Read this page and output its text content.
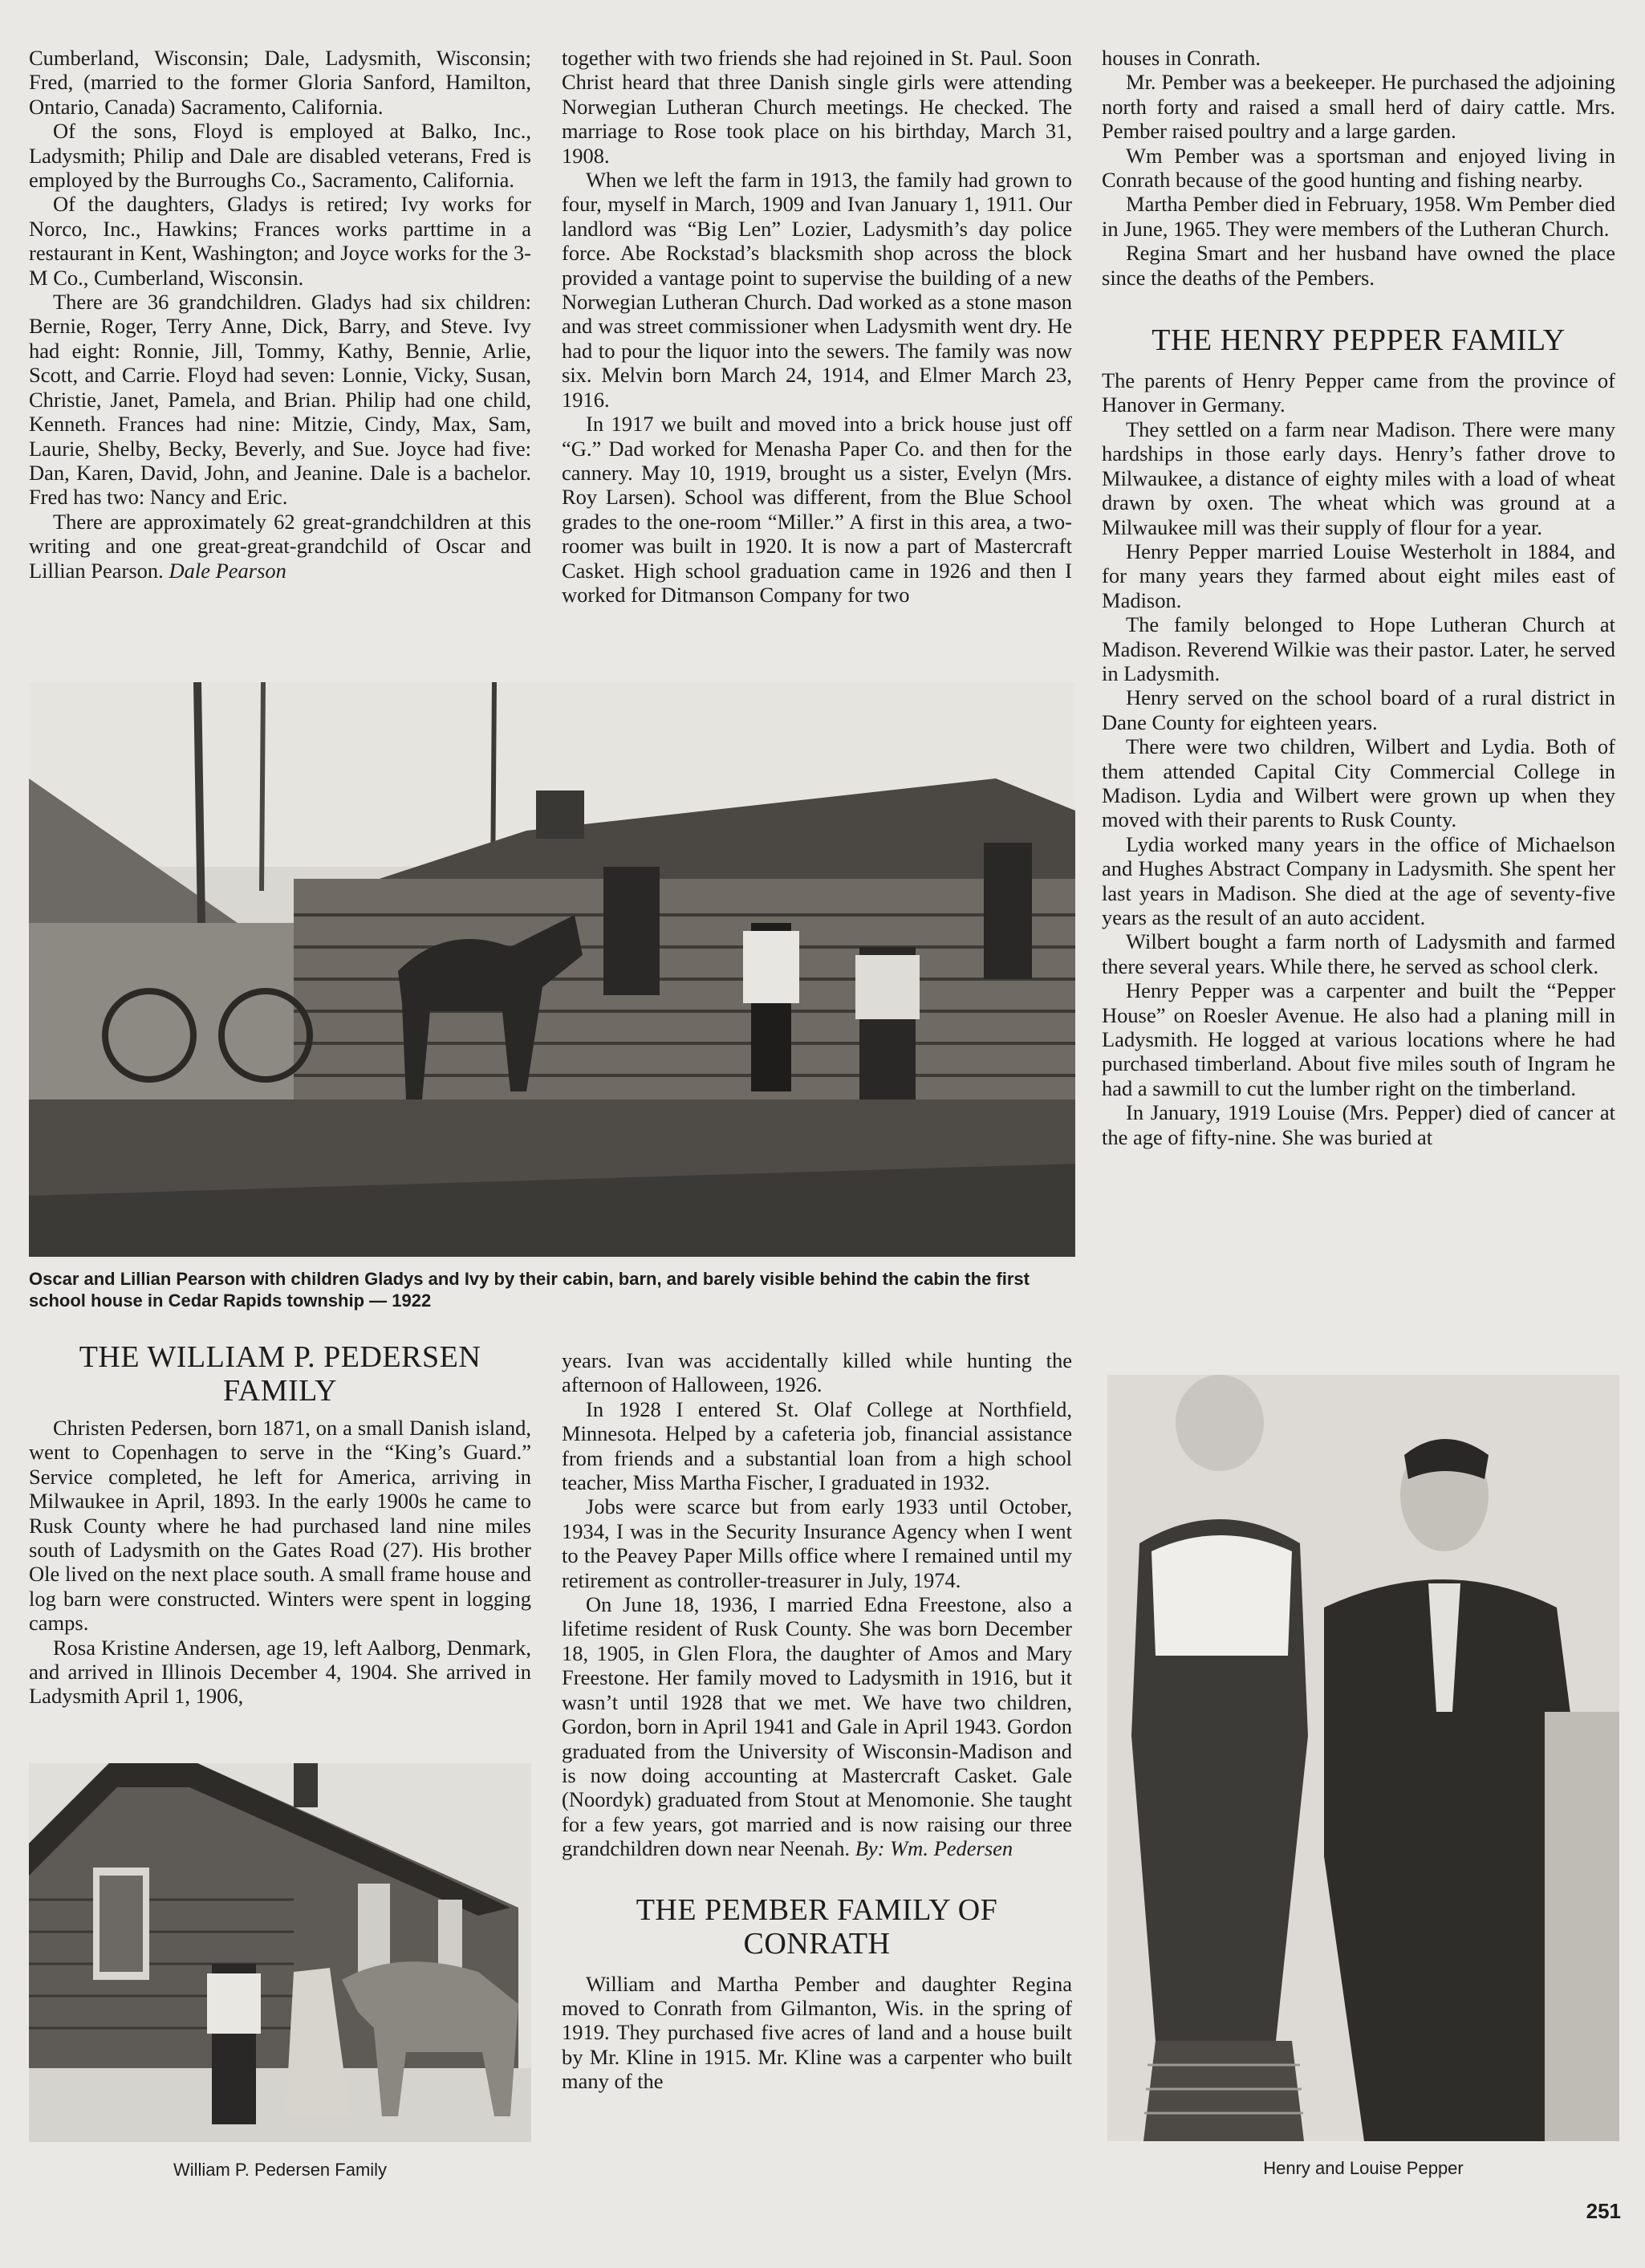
Cumberland, Wisconsin; Dale, Ladysmith, Wisconsin; Fred, (married to the former Gloria Sanford, Hamilton, Ontario, Canada) Sacramento, California.

Of the sons, Floyd is employed at Balko, Inc., Ladysmith; Philip and Dale are disabled veterans, Fred is employed by the Burroughs Co., Sacramento, California.

Of the daughters, Gladys is retired; Ivy works for Norco, Inc., Hawkins; Frances works parttime in a restaurant in Kent, Washington; and Joyce works for the 3-M Co., Cumberland, Wisconsin.

There are 36 grandchildren. Gladys had six children: Bernie, Roger, Terry Anne, Dick, Barry, and Steve. Ivy had eight: Ronnie, Jill, Tommy, Kathy, Bennie, Arlie, Scott, and Carrie. Floyd had seven: Lonnie, Vicky, Susan, Christie, Janet, Pamela, and Brian. Philip had one child, Kenneth. Frances had nine: Mitzie, Cindy, Max, Sam, Laurie, Shelby, Becky, Beverly, and Sue. Joyce had five: Dan, Karen, David, John, and Jeanine. Dale is a bachelor. Fred has two: Nancy and Eric.

There are approximately 62 great-grandchildren at this writing and one great-great-grandchild of Oscar and Lillian Pearson. Dale Pearson

together with two friends she had rejoined in St. Paul. Soon Christ heard that three Danish single girls were attending Norwegian Lutheran Church meetings. He checked. The marriage to Rose took place on his birthday, March 31, 1908.

When we left the farm in 1913, the family had grown to four, myself in March, 1909 and Ivan January 1, 1911. Our landlord was “Big Len” Lozier, Ladysmith’s day police force. Abe Rockstad’s blacksmith shop across the block provided a vantage point to supervise the building of a new Norwegian Lutheran Church. Dad worked as a stone mason and was street commissioner when Ladysmith went dry. He had to pour the liquor into the sewers. The family was now six. Melvin born March 24, 1914, and Elmer March 23, 1916.

In 1917 we built and moved into a brick house just off “G.” Dad worked for Menasha Paper Co. and then for the cannery. May 10, 1919, brought us a sister, Evelyn (Mrs. Roy Larsen). School was different, from the Blue School grades to the one-room “Miller.” A first in this area, a two-roomer was built in 1920. It is now a part of Mastercraft Casket. High school graduation came in 1926 and then I worked for Ditmanson Company for two

houses in Conrath.

Mr. Pember was a beekeeper. He purchased the adjoining north forty and raised a small herd of dairy cattle. Mrs. Pember raised poultry and a large garden.

Wm Pember was a sportsman and enjoyed living in Conrath because of the good hunting and fishing nearby.

Martha Pember died in February, 1958. Wm Pember died in June, 1965. They were members of the Lutheran Church.

Regina Smart and her husband have owned the place since the deaths of the Pembers.

THE HENRY PEPPER FAMILY

The parents of Henry Pepper came from the province of Hanover in Germany.

They settled on a farm near Madison. There were many hardships in those early days. Henry’s father drove to Milwaukee, a distance of eighty miles with a load of wheat drawn by oxen. The wheat which was ground at a Milwaukee mill was their supply of flour for a year.

Henry Pepper married Louise Westerholt in 1884, and for many years they farmed about eight miles east of Madison.

The family belonged to Hope Lutheran Church at Madison. Reverend Wilkie was their pastor. Later, he served in Ladysmith.

Henry served on the school board of a rural district in Dane County for eighteen years.

There were two children, Wilbert and Lydia. Both of them attended Capital City Commercial College in Madison. Lydia and Wilbert were grown up when they moved with their parents to Rusk County.

Lydia worked many years in the office of Michaelson and Hughes Abstract Company in Ladysmith. She spent her last years in Madison. She died at the age of seventy-five years as the result of an auto accident.

Wilbert bought a farm north of Ladysmith and farmed there several years. While there, he served as school clerk.

Henry Pepper was a carpenter and built the “Pepper House” on Roesler Avenue. He also had a planing mill in Ladysmith. He logged at various locations where he had purchased timberland. About five miles south of Ingram he had a sawmill to cut the lumber right on the timberland.

In January, 1919 Louise (Mrs. Pepper) died of cancer at the age of fifty-nine. She was buried at

Oscar and Lillian Pearson with children Gladys and Ivy by their cabin, barn, and barely visible behind the cabin the first school house in Cedar Rapids township — 1922
THE WILLIAM P. PEDERSEN FAMILY

Christen Pedersen, born 1871, on a small Danish island, went to Copenhagen to serve in the “King’s Guard.” Service completed, he left for America, arriving in Milwaukee in April, 1893. In the early 1900s he came to Rusk County where he had purchased land nine miles south of Ladysmith on the Gates Road (27). His brother Ole lived on the next place south. A small frame house and log barn were constructed. Winters were spent in logging camps.

Rosa Kristine Andersen, age 19, left Aalborg, Denmark, and arrived in Illinois December 4, 1904. She arrived in Ladysmith April 1, 1906,

William P. Pedersen Family

years. Ivan was accidentally killed while hunting the afternoon of Halloween, 1926.

In 1928 I entered St. Olaf College at Northfield, Minnesota. Helped by a cafeteria job, financial assistance from friends and a substantial loan from a high school teacher, Miss Martha Fischer, I graduated in 1932.

Jobs were scarce but from early 1933 until October, 1934, I was in the Security Insurance Agency when I went to the Peavey Paper Mills office where I remained until my retirement as controller-treasurer in July, 1974.

On June 18, 1936, I married Edna Freestone, also a lifetime resident of Rusk County. She was born December 18, 1905, in Glen Flora, the daughter of Amos and Mary Freestone. Her family moved to Ladysmith in 1916, but it wasn’t until 1928 that we met. We have two children, Gordon, born in April 1941 and Gale in April 1943. Gordon graduated from the University of Wisconsin-Madison and is now doing accounting at Mastercraft Casket. Gale (Noordyk) graduated from Stout at Menomonie. She taught for a few years, got married and is now raising our three grandchildren down near Neenah. By: Wm. Pedersen

THE PEMBER FAMILY OF CONRATH

William and Martha Pember and daughter Regina moved to Conrath from Gilmanton, Wis. in the spring of 1919. They purchased five acres of land and a house built by Mr. Kline in 1915. Mr. Kline was a carpenter who built many of the

Henry and Louise Pepper
251
